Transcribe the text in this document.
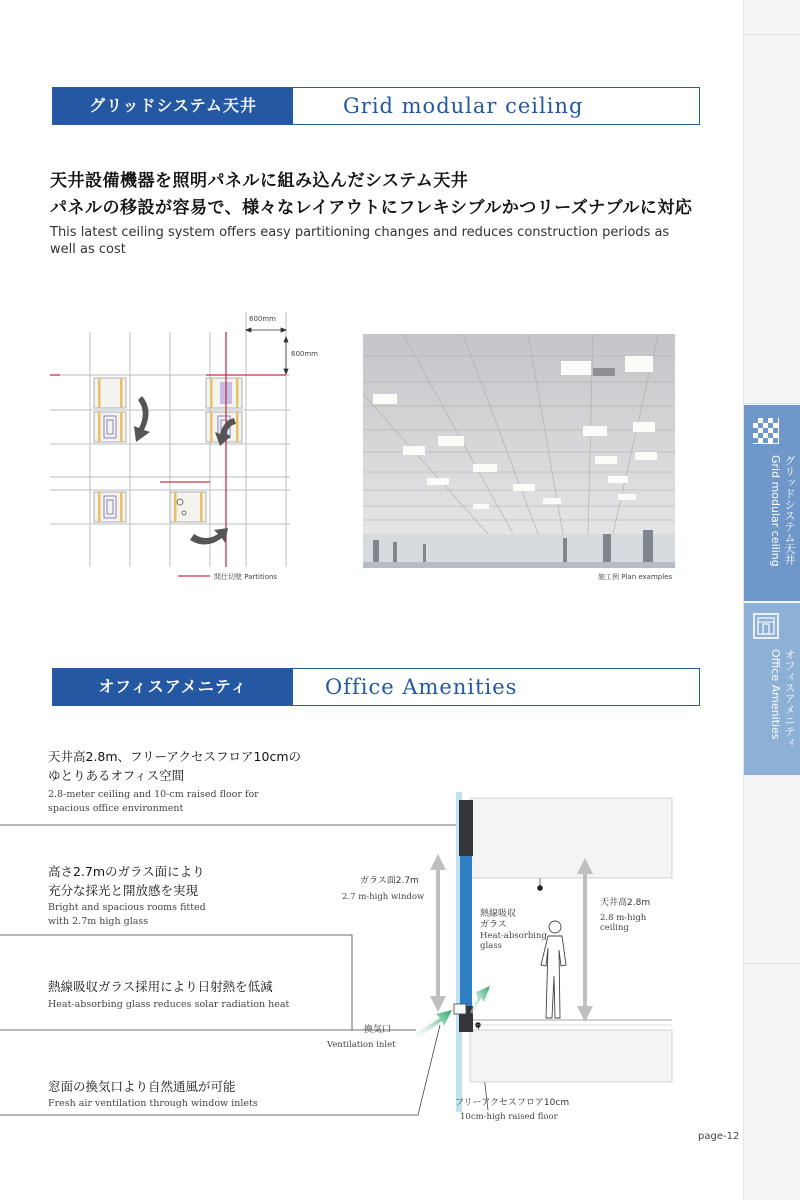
グリッドシステム天井
Grid modular ceiling
オフィスアメニティ
Office Amenities
グリッドシステム天井	Grid modular ceiling
天井設備機器を照明パネルに組み込んだシステム天井
パネルの移設が容易で、様々なレイアウトにフレキシブルかつリーズナブルに対応
This latest ceiling system offers easy partitioning changes and reduces construction periods as well as cost
600mm
600mm
間仕切壁 Partitions	施工例 Plan examples
オフィスアメニティ	Office Amenities
天井高2.8m、フリーアクセスフロア10cmの
ゆとりあるオフィス空間
2.8-meter ceiling and 10-cm raised floor for
spacious office environment
高さ2.7mのガラス面により
充分な採光と開放感を実現
Bright and spacious rooms fitted
with 2.7m high glass
熱線吸収ガラス採用により日射熱を低減
Heat-absorbing glass reduces solar radiation heat
窓面の換気口より自然通風が可能
Fresh air ventilation through window inlets
ガラス面2.7m
2.7 m-high window
熱線吸収
ガラス
Heat-absorbing
glass
天井高2.8m
2.8 m-high
ceiling
換気口
Ventilation inlet
フリーアクセスフロア10cm
10cm-high raised floor
page-12
